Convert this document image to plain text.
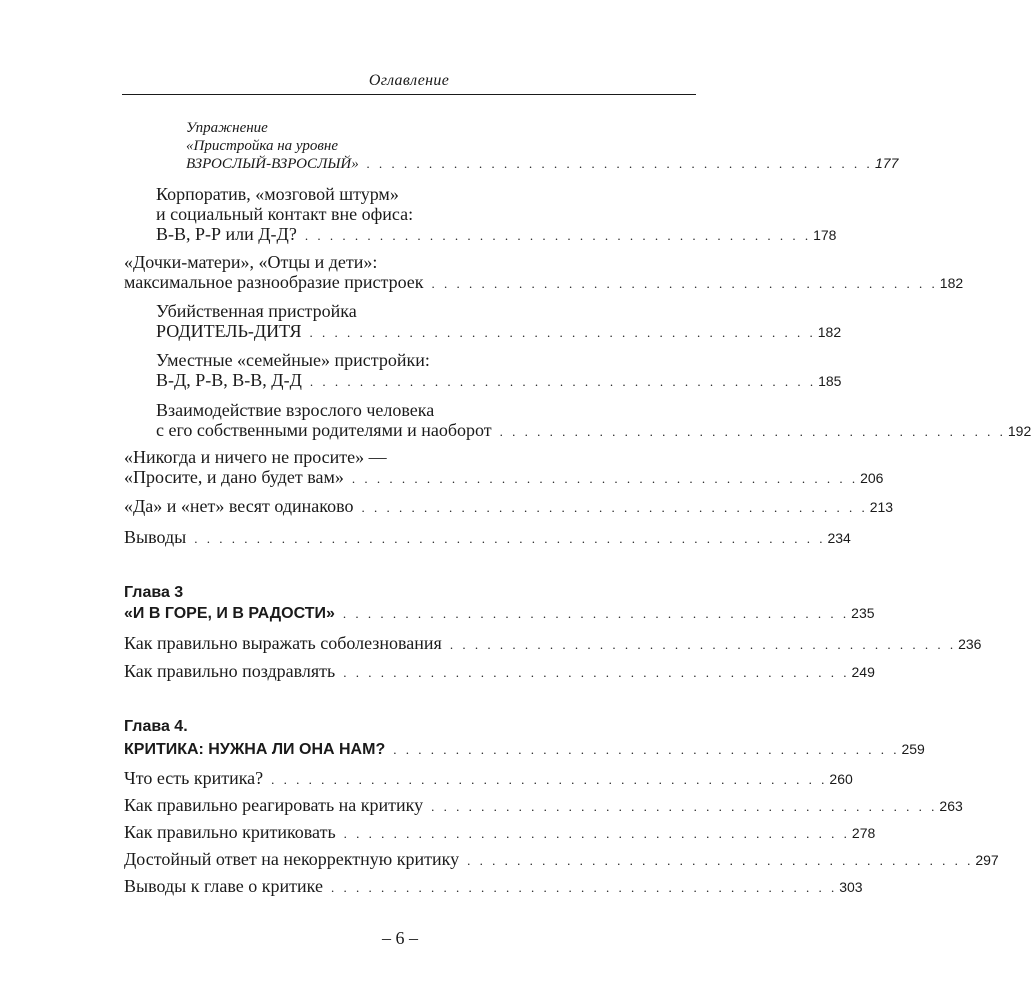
Оглавление
Упражнение
«Пристройка на уровне
ВЗРОСЛЫЙ-ВЗРОСЛЫЙ» . . . . . . . . . . . . . . . . . . . . . . . . . . . . . . . . . . . . . . . . . 177
Корпоратив, «мозговой штурм»
и социальный контакт вне офиса:
В-В, Р-Р или Д-Д? . . . . . . . . . . . . . . . . . . . . . . . . . . . . . . . . . . . . . . . . . 178
«Дочки-матери», «Отцы и дети»:
максимальное разнообразие пристроек . . . . . . . . . . . . . . . . . . . . . . . . . . . . . . . . . . . . . . . . . 182
Убийственная пристройка
РОДИТЕЛЬ-ДИТЯ . . . . . . . . . . . . . . . . . . . . . . . . . . . . . . . . . . . . . . . . . 182
Уместные «семейные» пристройки:
В-Д, Р-В, В-В, Д-Д . . . . . . . . . . . . . . . . . . . . . . . . . . . . . . . . . . . . . . . . . 185
Взаимодействие взрослого человека
с его собственными родителями и наоборот . . . . . . . . . . . . . . . . . . . . . . . . . . . . . . . . . . . . . . . . . 192
«Никогда и ничего не просите» —
«Просите, и дано будет вам» . . . . . . . . . . . . . . . . . . . . . . . . . . . . . . . . . . . . . . . . . 206
«Да» и «нет» весят одинаково . . . . . . . . . . . . . . . . . . . . . . . . . . . . . . . . . . . . . . . . . 213
Выводы . . . . . . . . . . . . . . . . . . . . . . . . . . . . . . . . . . . . . . . . . . . . . . . . . . . 234
Глава 3
«И В ГОРЕ, И В РАДОСТИ» . . . . . . . . . . . . . . . . . . . . . . . . . . . . . . . . . . . . . . . . . 235
Как правильно выражать соболезнования . . . . . . . . . . . . . . . . . . . . . . . . . . . . . . . . . . . . . . . . . 236
Как правильно поздравлять . . . . . . . . . . . . . . . . . . . . . . . . . . . . . . . . . . . . . . . . . 249
Глава 4.
КРИТИКА: НУЖНА ЛИ ОНА НАМ? . . . . . . . . . . . . . . . . . . . . . . . . . . . . . . . . . . . . . . . . . 259
Что есть критика? . . . . . . . . . . . . . . . . . . . . . . . . . . . . . . . . . . . . . . . . . . . . . 260
Как правильно реагировать на критику . . . . . . . . . . . . . . . . . . . . . . . . . . . . . . . . . . . . . . . . . 263
Как правильно критиковать . . . . . . . . . . . . . . . . . . . . . . . . . . . . . . . . . . . . . . . . . 278
Достойный ответ на некорректную критику . . . . . . . . . . . . . . . . . . . . . . . . . . . . . . . . . . . . . . . . . 297
Выводы к главе о критике . . . . . . . . . . . . . . . . . . . . . . . . . . . . . . . . . . . . . . . . . 303
– 6 –
